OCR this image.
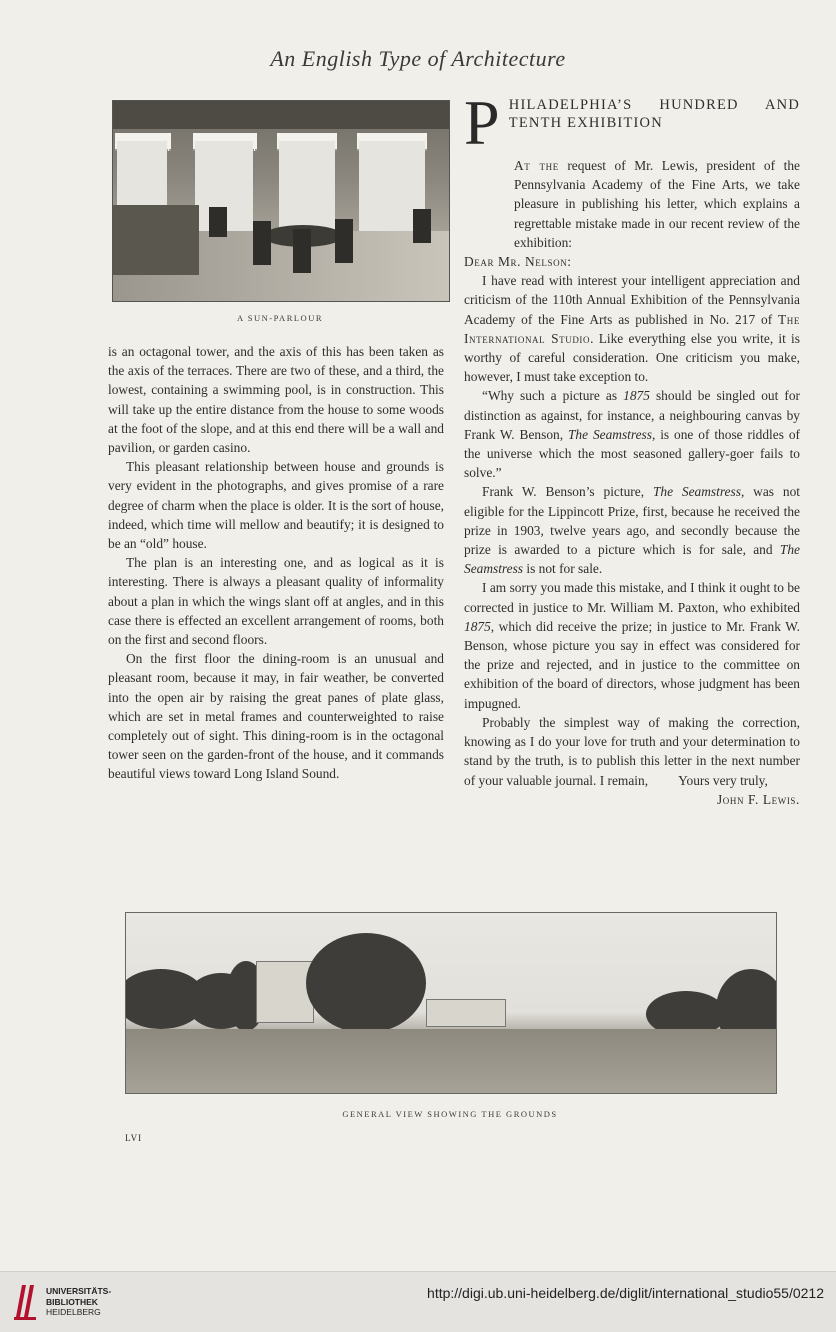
An English Type of Architecture
A SUN-PARLOUR

is an octagonal tower, and the axis of this has been taken as the axis of the terraces. There are two of these, and a third, the lowest, containing a swimming pool, is in construction. This will take up the entire distance from the house to some woods at the foot of the slope, and at this end there will be a wall and pavilion, or garden casino.

This pleasant relationship between house and grounds is very evident in the photographs, and gives promise of a rare degree of charm when the place is older. It is the sort of house, indeed, which time will mellow and beautify; it is designed to be an “old” house.

The plan is an interesting one, and as logical as it is interesting. There is always a pleasant quality of informality about a plan in which the wings slant off at angles, and in this case there is effected an excellent arrangement of rooms, both on the first and second floors.

On the first floor the dining-room is an unusual and pleasant room, because it may, in fair weather, be converted into the open air by raising the great panes of plate glass, which are set in metal frames and counterweighted to raise completely out of sight. This dining-room is in the octagonal tower seen on the garden-front of the house, and it commands beautiful views toward Long Island Sound.

P HILADELPHIA’S HUNDRED AND TENTH EXHIBITION

At the request of Mr. Lewis, president of the Pennsylvania Academy of the Fine Arts, we take pleasure in publishing his letter, which explains a regrettable mistake made in our recent review of the exhibition:

Dear Mr. Nelson:

I have read with interest your intelligent appreciation and criticism of the 110th Annual Exhibition of the Pennsylvania Academy of the Fine Arts as published in No. 217 of The International Studio. Like everything else you write, it is worthy of careful consideration. One criticism you make, however, I must take exception to.

“Why such a picture as 1875 should be singled out for distinction as against, for instance, a neighbouring canvas by Frank W. Benson, The Seamstress, is one of those riddles of the universe which the most seasoned gallery-goer fails to solve.”

Frank W. Benson’s picture, The Seamstress, was not eligible for the Lippincott Prize, first, because he received the prize in 1903, twelve years ago, and secondly because the prize is awarded to a picture which is for sale, and The Seamstress is not for sale.

I am sorry you made this mistake, and I think it ought to be corrected in justice to Mr. William M. Paxton, who exhibited 1875, which did receive the prize; in justice to Mr. Frank W. Benson, whose picture you say in effect was considered for the prize and rejected, and in justice to the committee on exhibition of the board of directors, whose judgment has been impugned.

Probably the simplest way of making the correction, knowing as I do your love for truth and your determination to stand by the truth, is to publish this letter in the next number of your valuable journal. I remain,   Yours very truly,

John F. Lewis.

GENERAL VIEW SHOWING THE GROUNDS
LVI
UNIVERSITÄTS-
BIBLIOTHEK
HEIDELBERG
http://digi.ub.uni-heidelberg.de/diglit/international_studio55/0212
